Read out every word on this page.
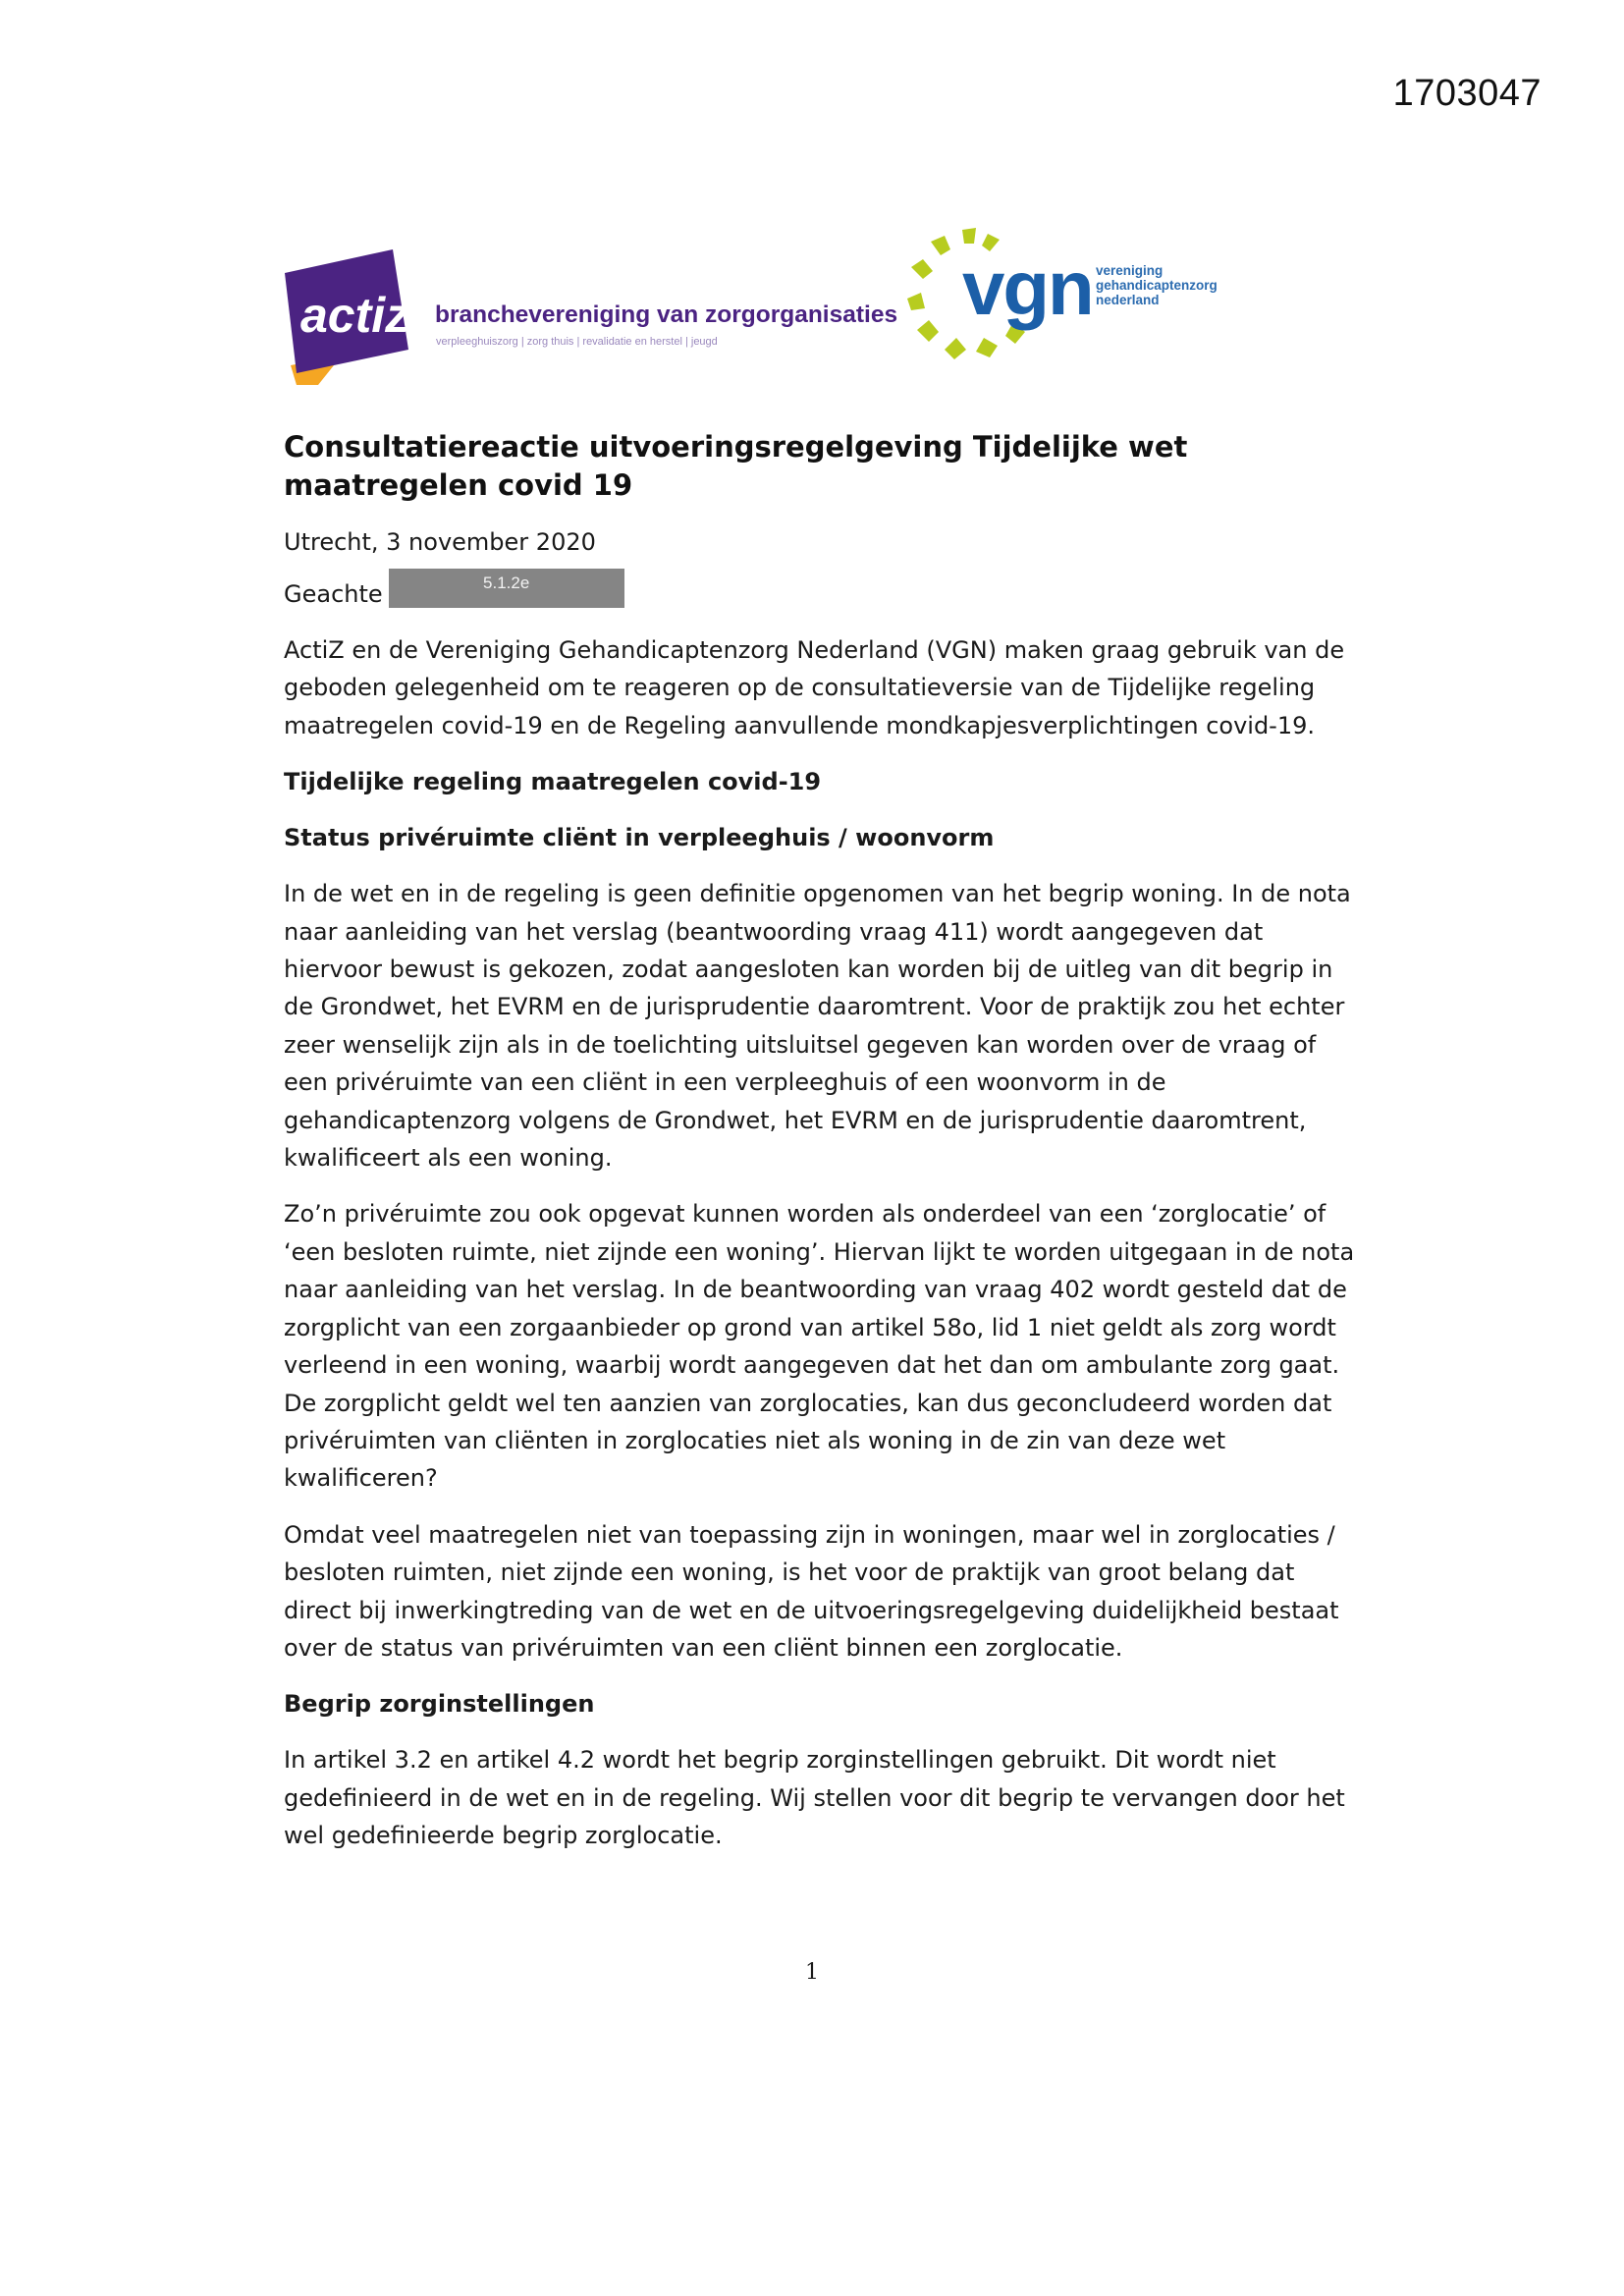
1703047
actiz branchevereniging van zorgorganisaties
verpleeghuiszorg | zorg thuis | revalidatie en herstel | jeugd
vgn vereniging
gehandicaptenzorg
nederland
Consultatiereactie uitvoeringsregelgeving Tijdelijke wet
maatregelen covid 19
Utrecht, 3 november 2020
Geachte	5.1.2e

ActiZ en de Vereniging Gehandicaptenzorg Nederland (VGN) maken graag gebruik van de geboden gelegenheid om te reageren op de consultatieversie van de Tijdelijke regeling maatregelen covid-19 en de Regeling aanvullende mondkapjesverplichtingen covid-19.

Tijdelijke regeling maatregelen covid-19
Status privéruimte cliënt in verpleeghuis / woonvorm

In de wet en in de regeling is geen definitie opgenomen van het begrip woning. In de nota naar aanleiding van het verslag (beantwoording vraag 411) wordt aangegeven dat hiervoor bewust is gekozen, zodat aangesloten kan worden bij de uitleg van dit begrip in de Grondwet, het EVRM en de jurisprudentie daaromtrent. Voor de praktijk zou het echter zeer wenselijk zijn als in de toelichting uitsluitsel gegeven kan worden over de vraag of een privéruimte van een cliënt in een verpleeghuis of een woonvorm in de gehandicaptenzorg volgens de Grondwet, het EVRM en de jurisprudentie daaromtrent, kwalificeert als een woning.

Zo’n privéruimte zou ook opgevat kunnen worden als onderdeel van een ‘zorglocatie’ of ‘een besloten ruimte, niet zijnde een woning’. Hiervan lijkt te worden uitgegaan in de nota naar aanleiding van het verslag. In de beantwoording van vraag 402 wordt gesteld dat de zorgplicht van een zorgaanbieder op grond van artikel 58o, lid 1 niet geldt als zorg wordt verleend in een woning, waarbij wordt aangegeven dat het dan om ambulante zorg gaat. De zorgplicht geldt wel ten aanzien van zorglocaties, kan dus geconcludeerd worden dat privéruimten van cliënten in zorglocaties niet als woning in de zin van deze wet kwalificeren?

Omdat veel maatregelen niet van toepassing zijn in woningen, maar wel in zorglocaties / besloten ruimten, niet zijnde een woning, is het voor de praktijk van groot belang dat direct bij inwerkingtreding van de wet en de uitvoeringsregelgeving duidelijkheid bestaat over de status van privéruimten van een cliënt binnen een zorglocatie.

Begrip zorginstellingen

In artikel 3.2 en artikel 4.2 wordt het begrip zorginstellingen gebruikt. Dit wordt niet gedefinieerd in de wet en in de regeling. Wij stellen voor dit begrip te vervangen door het wel gedefinieerde begrip zorglocatie.

1
